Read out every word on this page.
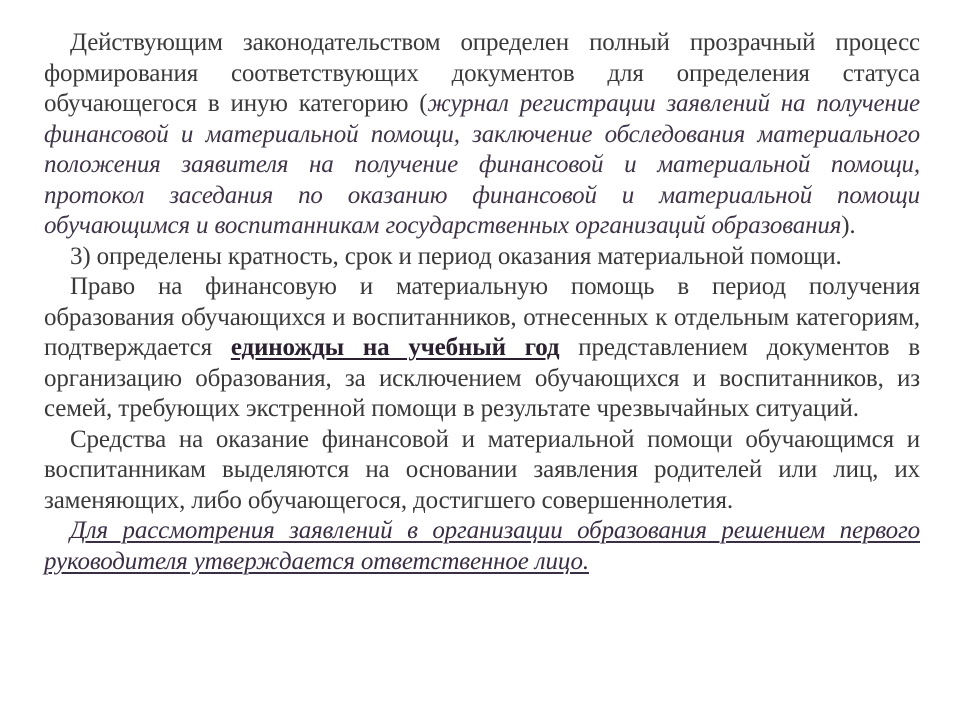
Действующим законодательством определен полный прозрачный процесс формирования соответствующих документов для определения статуса обучающегося в иную категорию (журнал регистрации заявлений на получение финансовой и материальной помощи, заключение обследования материального положения заявителя на получение финансовой и материальной помощи, протокол заседания по оказанию финансовой и материальной помощи обучающимся и воспитанникам государственных организаций образования).

3) определены кратность, срок и период оказания материальной помощи.

Право на финансовую и материальную помощь в период получения образования обучающихся и воспитанников, отнесенных к отдельным категориям, подтверждается единожды на учебный год представлением документов в организацию образования, за исключением обучающихся и воспитанников, из семей, требующих экстренной помощи в результате чрезвычайных ситуаций.

Средства на оказание финансовой и материальной помощи обучающимся и воспитанникам выделяются на основании заявления родителей или лиц, их заменяющих, либо обучающегося, достигшего совершеннолетия.

Для рассмотрения заявлений в организации образования решением первого руководителя утверждается ответственное лицо.
